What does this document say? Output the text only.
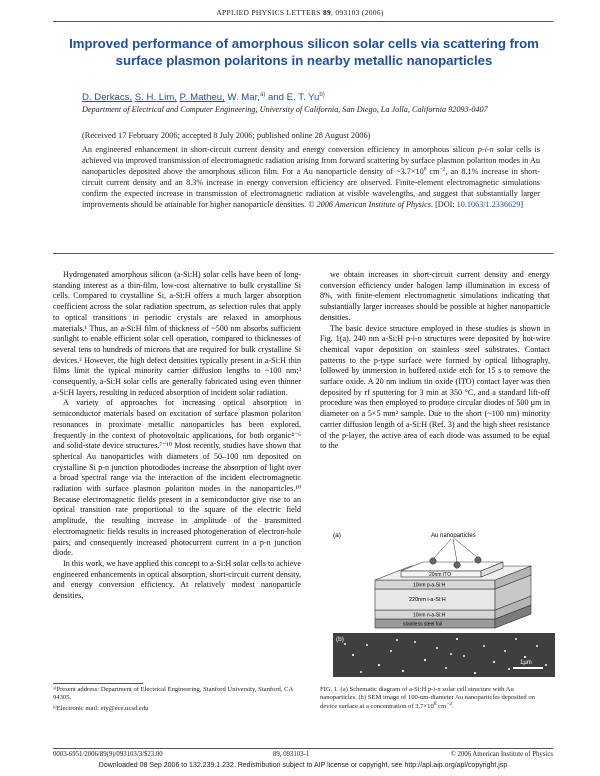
APPLIED PHYSICS LETTERS 89, 093103 (2006)
Improved performance of amorphous silicon solar cells via scattering from surface plasmon polaritons in nearby metallic nanoparticles
D. Derkacs, S. H. Lim, P. Matheu, W. Mar,$^{a)}$ and E. T. Yu$^{b)}$
Department of Electrical and Computer Engineering, University of California, San Diego, La Jolla, California 92093-0407
(Received 17 February 2006; accepted 8 July 2006; published online 28 August 2006)
An engineered enhancement in short-circuit current density and energy conversion efficiency in amorphous silicon p-i-n solar cells is achieved via improved transmission of electromagnetic radiation arising from forward scattering by surface plasmon polariton modes in Au nanoparticles deposited above the amorphous silicon film. For a Au nanoparticle density of $\sim 3.7\times 10^8$ $cm^{-2}$, an 8.1% increase in short-circuit current density and an 8.3% increase in energy conversion efficiency are observed. Finite-element electromagnetic simulations confirm the expected increase in transmission of electromagnetic radiation at visible wavelengths, and suggest that substantially larger improvements should be attainable for higher nanoparticle densities. © 2006 American Institute of Physics. [DOI: 10.1063/1.2336629]

Hydrogenated amorphous silicon (a-Si:H) solar cells have been of long-standing interest as a thin-film, low-cost alternative to bulk crystalline Si cells. Compared to crystalline Si, a-Si:H offers a much larger absorption coefficient across the solar radiation spectrum, as selection rules that apply to optical transitions in periodic crystals are relaxed in amorphous materials.¹ Thus, an a-Si:H film of thickness of ~500 nm absorbs sufficient sunlight to enable efficient solar cell operation, compared to thicknesses of several tens to hundreds of microns that are required for bulk crystalline Si devices.² However, the high defect densities typically present in a-Si:H thin films limit the typical minority carrier diffusion lengths to ~100 nm;³ consequently, a-Si:H solar cells are generally fabricated using even thinner a-Si:H layers, resulting in reduced absorption of incident solar radiation.

A variety of approaches for increasing optical absorption in semiconductor materials based on excitation of surface plasmon polariton resonances in proximate metallic nanoparticles has been explored, frequently in the context of photovoltaic applications, for both organic⁴⁻⁶ and solid-state device structures.⁷⁻¹⁰ Most recently, studies have shown that spherical Au nanoparticles with diameters of 50–100 nm deposited on crystalline Si p-n junction photodiodes increase the absorption of light over a broad spectral range via the interaction of the incident electromagnetic radiation with surface plasmon polariton modes in the nanoparticles.¹⁰ Because electromagnetic fields present in a semiconductor give rise to an optical transition rate proportional to the square of the electric field amplitude, the resulting increase in amplitude of the transmitted electromagnetic fields results in increased photogeneration of electron-hole pairs, and consequently increased photocurrent current in a p-n junction diode.

In this work, we have applied this concept to a-Si:H solar cells to achieve engineered enhancements in optical absorption, short-circuit current density, and energy conversion efficiency. At relatively modest nanoparticle densities,

we obtain increases in short-circuit current density and energy conversion efficiency under halogen lamp illumination in excess of 8%, with finite-element electromagnetic simulations indicating that substantially larger increases should be possible at higher nanoparticle densities.

The basic device structure employed in these studies is shown in Fig. 1(a). 240 nm a-Si:H p-i-n structures were deposited by hot-wire chemical vapor deposition on stainless steel substrates. Contact patterns to the p-type surface were formed by optical lithography, followed by immersion in buffered oxide etch for 15 s to remove the surface oxide. A 20 nm indium tin oxide (ITO) contact layer was then deposited by rf sputtering for 3 min at 350 °C, and a standard lift-off procedure was then employed to produce circular diodes of 500 μm in diameter on a 5×5 mm² sample. Due to the short (~100 nm) minority carrier diffusion length of a-Si:H (Ref. 3) and the high sheet resistance of the p-layer, the active area of each diode was assumed to be equal to the

(a)	Au nanoparticles
20nm ITO
10nm p-a-Si:H
220nm i-a-Si:H
10nm n-a-Si:H
stainless steel foil
(b)
1μm
FIG. 1. (a) Schematic diagram of a-Si:H p-i-n solar cell structure with Au nanoparticles. (b) SEM image of 100-nm-diameter Au nanoparticles deposited on device surface at a concentration of $3.7\times 10^8$ $cm^{-2}$.
ᵃ⁾Present address: Department of Electrical Engineering, Stanford University, Stanford, CA 94305.
ᵇ⁾Electronic mail: ety@ece.ucsd.edu
0003-6951/2006/89(9)/093103/3/$23.00	89, 093103-1	© 2006 American Institute of Physics
Downloaded 08 Sep 2006 to 132.239.1.232. Redistribution subject to AIP license or copyright, see http://apl.aip.org/apl/copyright.jsp
